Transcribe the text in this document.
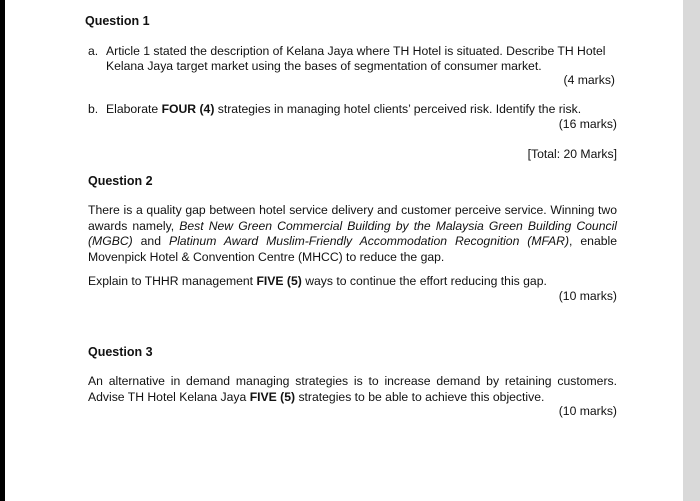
Question 1
a. Article 1 stated the description of Kelana Jaya where TH Hotel is situated. Describe TH Hotel
Kelana Jaya target market using the bases of segmentation of consumer market.
(4 marks)
b. Elaborate FOUR (4) strategies in managing hotel clients’ perceived risk. Identify the risk.
(16 marks)
[Total: 20 Marks]
Question 2
There is a quality gap between hotel service delivery and customer perceive service. Winning two awards namely, Best New Green Commercial Building by the Malaysia Green Building Council (MGBC) and Platinum Award Muslim-Friendly Accommodation Recognition (MFAR), enable Movenpick Hotel & Convention Centre (MHCC) to reduce the gap.
Explain to THHR management FIVE (5) ways to continue the effort reducing this gap.
(10 marks)
Question 3
An alternative in demand managing strategies is to increase demand by retaining customers. Advise TH Hotel Kelana Jaya FIVE (5) strategies to be able to achieve this objective.
(10 marks)
